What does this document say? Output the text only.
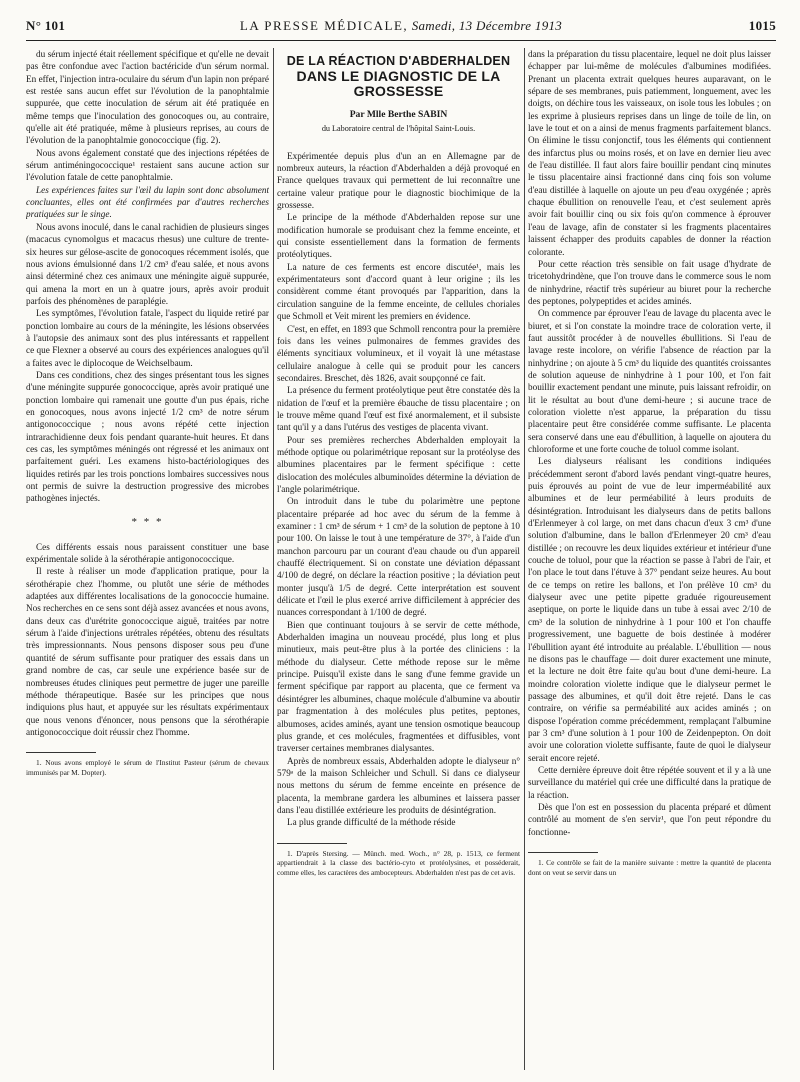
N° 101	LA PRESSE MÉDICALE, Samedi, 13 Décembre 1913	1015

du sérum injecté était réellement spécifique et qu'elle ne devait pas être confondue avec l'action bactéricide d'un sérum normal. En effet, l'injection intra-oculaire du sérum d'un lapin non préparé est restée sans aucun effet sur l'évolution de la panophtalmie suppurée, que cette inoculation de sérum ait été pratiquée en même temps que l'inoculation des gonocoques ou, au contraire, qu'elle ait été pratiquée, même à plusieurs reprises, au cours de l'évolution de la panophtalmie gonococcique (fig. 2).

Nous avons également constaté que des injections répétées de sérum antiméningococcique¹ restaient sans aucune action sur l'évolution fatale de cette panophtalmie.

Les expériences faites sur l'œil du lapin sont donc absolument concluantes, elles ont été confirmées par d'autres recherches pratiquées sur le singe.

Nous avons inoculé, dans le canal rachidien de plusieurs singes (macacus cynomolgus et macacus rhesus) une culture de trente-six heures sur gélose-ascite de gonocoques récemment isolés, que nous avions émulsionné dans 1/2 cm³ d'eau salée, et nous avons ainsi déterminé chez ces animaux une méningite aiguë suppurée, qui amena la mort en un à quatre jours, après avoir produit parfois des phénomènes de paraplégie.

Les symptômes, l'évolution fatale, l'aspect du liquide retiré par ponction lombaire au cours de la méningite, les lésions observées à l'autopsie des animaux sont des plus intéressants et rappellent ce que Flexner a observé au cours des expériences analogues qu'il a faites avec le diplocoque de Weichselbaum.

Dans ces conditions, chez des singes présentant tous les signes d'une méningite suppurée gonococcique, après avoir pratiqué une ponction lombaire qui ramenait une goutte d'un pus épais, riche en gonocoques, nous avons injecté 1/2 cm³ de notre sérum antigonococcique ; nous avons répété cette injection intrarachidienne deux fois pendant quarante-huit heures. Et dans ces cas, les symptômes méningés ont régressé et les animaux ont parfaitement guéri. Les examens histo-bactériologiques des liquides retirés par les trois ponctions lombaires successives nous ont permis de suivre la destruction progressive des microbes pathogènes injectés.

* * *

Ces différents essais nous paraissent constituer une base expérimentale solide à la sérothérapie antigonococcique.

Il reste à réaliser un mode d'application pratique, pour la sérothérapie chez l'homme, ou plutôt une série de méthodes adaptées aux différentes localisations de la gonococcie humaine. Nos recherches en ce sens sont déjà assez avancées et nous avons, dans deux cas d'urétrite gonococcique aiguë, traitées par notre sérum à l'aide d'injections urétrales répétées, obtenu des résultats très impressionnants. Nous pensons disposer sous peu d'une quantité de sérum suffisante pour pratiquer des essais dans un grand nombre de cas, car seule une expérience basée sur de nombreuses études cliniques peut permettre de juger une pareille méthode thérapeutique. Basée sur les principes que nous indiquions plus haut, et appuyée sur les résultats expérimentaux que nous venons d'énoncer, nous pensons que la sérothérapie antigonococcique doit réussir chez l'homme.

1. Nous avons employé le sérum de l'Institut Pasteur (sérum de chevaux immunisés par M. Dopter).

DE LA RÉACTION D'ABDERHALDEN
DANS LE DIAGNOSTIC DE LA GROSSESSE
Par Mlle Berthe SABIN
du Laboratoire central de l'hôpital Saint-Louis.

Expérimentée depuis plus d'un an en Allemagne par de nombreux auteurs, la réaction d'Abderhalden a déjà provoqué en France quelques travaux qui permettent de lui reconnaître une certaine valeur pratique pour le diagnostic biochimique de la grossesse.

Le principe de la méthode d'Abderhalden repose sur une modification humorale se produisant chez la femme enceinte, et qui consiste essentiellement dans la formation de ferments protéolytiques.

La nature de ces ferments est encore discutée¹, mais les expérimentateurs sont d'accord quant à leur origine ; ils les considèrent comme étant provoqués par l'apparition, dans la circulation sanguine de la femme enceinte, de cellules choriales que Schmoll et Veit mirent les premiers en évidence.

C'est, en effet, en 1893 que Schmoll rencontra pour la première fois dans les veines pulmonaires de femmes gravides des éléments syncitiaux volumineux, et il voyait là une métastase cellulaire analogue à celle qui se produit pour les cancers secondaires. Breschet, dès 1826, avait soupçonné ce fait.

La présence du ferment protéolytique peut être constatée dès la nidation de l'œuf et la première ébauche de tissu placentaire ; on le trouve même quand l'œuf est fixé anormalement, et il subsiste tant qu'il y a dans l'utérus des vestiges de placenta vivant.

Pour ses premières recherches Abderhalden employait la méthode optique ou polarimétrique reposant sur la protéolyse des albumines placentaires par le ferment spécifique : cette dislocation des molécules albuminoïdes détermine la déviation de l'angle polarimétrique.

On introduit dans le tube du polarimètre une peptone placentaire préparée ad hoc avec du sérum de la femme à examiner : 1 cm³ de sérum + 1 cm³ de la solution de peptone à 10 pour 100. On laisse le tout à une température de 37°, à l'aide d'un manchon parcouru par un courant d'eau chaude ou d'un appareil chauffé électriquement. Si on constate une déviation dépassant 4/100 de degré, on déclare la réaction positive ; la déviation peut monter jusqu'à 1/5 de degré. Cette interprétation est souvent délicate et l'œil le plus exercé arrive difficilement à apprécier des nuances correspondant à 1/100 de degré.

Bien que continuant toujours à se servir de cette méthode, Abderhalden imagina un nouveau procédé, plus long et plus minutieux, mais peut-être plus à la portée des cliniciens : la méthode du dialyseur. Cette méthode repose sur le même principe. Puisqu'il existe dans le sang d'une femme gravide un ferment spécifique par rapport au placenta, que ce ferment va désintégrer les albumines, chaque molécule d'albumine va aboutir par fragmentation à des molécules plus petites, peptones, albumoses, acides aminés, ayant une tension osmotique beaucoup plus grande, et ces molécules, fragmentées et diffusibles, vont traverser certaines membranes dialysantes.

Après de nombreux essais, Abderhalden adopte le dialyseur n° 579ᵃ de la maison Schleicher und Schull. Si dans ce dialyseur nous mettons du sérum de femme enceinte en présence de placenta, la membrane gardera les albumines et laissera passer dans l'eau distillée extérieure les produits de désintégration.

La plus grande difficulté de la méthode réside

1. D'après Stersing. — Münch. med. Woch., n° 28, p. 1513, ce ferment appartiendrait à la classe des bactério-cyto et protéolysines, et posséderait, comme elles, les caractères des ambocepteurs. Abderhalden n'est pas de cet avis.

dans la préparation du tissu placentaire, lequel ne doit plus laisser échapper par lui-même de molécules d'albumines modifiées. Prenant un placenta extrait quelques heures auparavant, on le sépare de ses membranes, puis patiemment, longuement, avec les doigts, on déchire tous les vaisseaux, on isole tous les lobules ; on les exprime à plusieurs reprises dans un linge de toile de lin, on lave le tout et on a ainsi de menus fragments parfaitement blancs. On élimine le tissu conjonctif, tous les éléments qui contiennent des infarctus plus ou moins rosés, et on lave en dernier lieu avec de l'eau distillée. Il faut alors faire bouillir pendant cinq minutes le tissu placentaire ainsi fractionné dans cinq fois son volume d'eau distillée à laquelle on ajoute un peu d'eau oxygénée ; après chaque ébullition on renouvelle l'eau, et c'est seulement après avoir fait bouillir cinq ou six fois qu'on commence à éprouver l'eau de lavage, afin de constater si les fragments placentaires laissent échapper des produits capables de donner la réaction colorante.

Pour cette réaction très sensible on fait usage d'hydrate de tricetohydrindène, que l'on trouve dans le commerce sous le nom de ninhydrine, réactif très supérieur au biuret pour la recherche des peptones, polypeptides et acides aminés.

On commence par éprouver l'eau de lavage du placenta avec le biuret, et si l'on constate la moindre trace de coloration verte, il faut aussitôt procéder à de nouvelles ébullitions. Si l'eau de lavage reste incolore, on vérifie l'absence de réaction par la ninhydrine ; on ajoute à 5 cm³ du liquide des quantités croissantes de solution aqueuse de ninhydrine à 1 pour 100, et l'on fait bouillir exactement pendant une minute, puis laissant refroidir, on lit le résultat au bout d'une demi-heure ; si aucune trace de coloration violette n'est apparue, la préparation du tissu placentaire peut être considérée comme suffisante. Le placenta sera conservé dans une eau d'ébullition, à laquelle on ajoutera du chloroforme et une forte couche de toluol comme isolant.

Les dialyseurs réalisant les conditions indiquées précédemment seront d'abord lavés pendant vingt-quatre heures, puis éprouvés au point de vue de leur imperméabilité aux albumines et de leur perméabilité à leurs produits de désintégration. Introduisant les dialyseurs dans de petits ballons d'Erlenmeyer à col large, on met dans chacun d'eux 3 cm³ d'une solution d'albumine, dans le ballon d'Erlenmeyer 20 cm³ d'eau distillée ; on recouvre les deux liquides extérieur et intérieur d'une couche de toluol, pour que la réaction se passe à l'abri de l'air, et l'on place le tout dans l'étuve à 37° pendant seize heures. Au bout de ce temps on retire les ballons, et l'on prélève 10 cm³ du dialyseur avec une petite pipette graduée rigoureusement aseptique, on porte le liquide dans un tube à essai avec 2/10 de cm³ de la solution de ninhydrine à 1 pour 100 et l'on chauffe progressivement, une baguette de bois destinée à modérer l'ébullition ayant été introduite au préalable. L'ébullition — nous ne disons pas le chauffage — doit durer exactement une minute, et la lecture ne doit être faite qu'au bout d'une demi-heure. La moindre coloration violette indique que le dialyseur permet le passage des albumines, et qu'il doit être rejeté. Dans le cas contraire, on vérifie sa perméabilité aux acides aminés ; on dispose l'opération comme précédemment, remplaçant l'albumine par 3 cm³ d'une solution à 1 pour 100 de Zeidenpepton. On doit avoir une coloration violette suffisante, faute de quoi le dialyseur serait encore rejeté.

Cette dernière épreuve doit être répétée souvent et il y a là une surveillance du matériel qui crée une difficulté dans la pratique de la réaction.

Dès que l'on est en possession du placenta préparé et dûment contrôlé au moment de s'en servir¹, que l'on peut répondre du fonctionne-

1. Ce contrôle se fait de la manière suivante : mettre la quantité de placenta dont on veut se servir dans un
